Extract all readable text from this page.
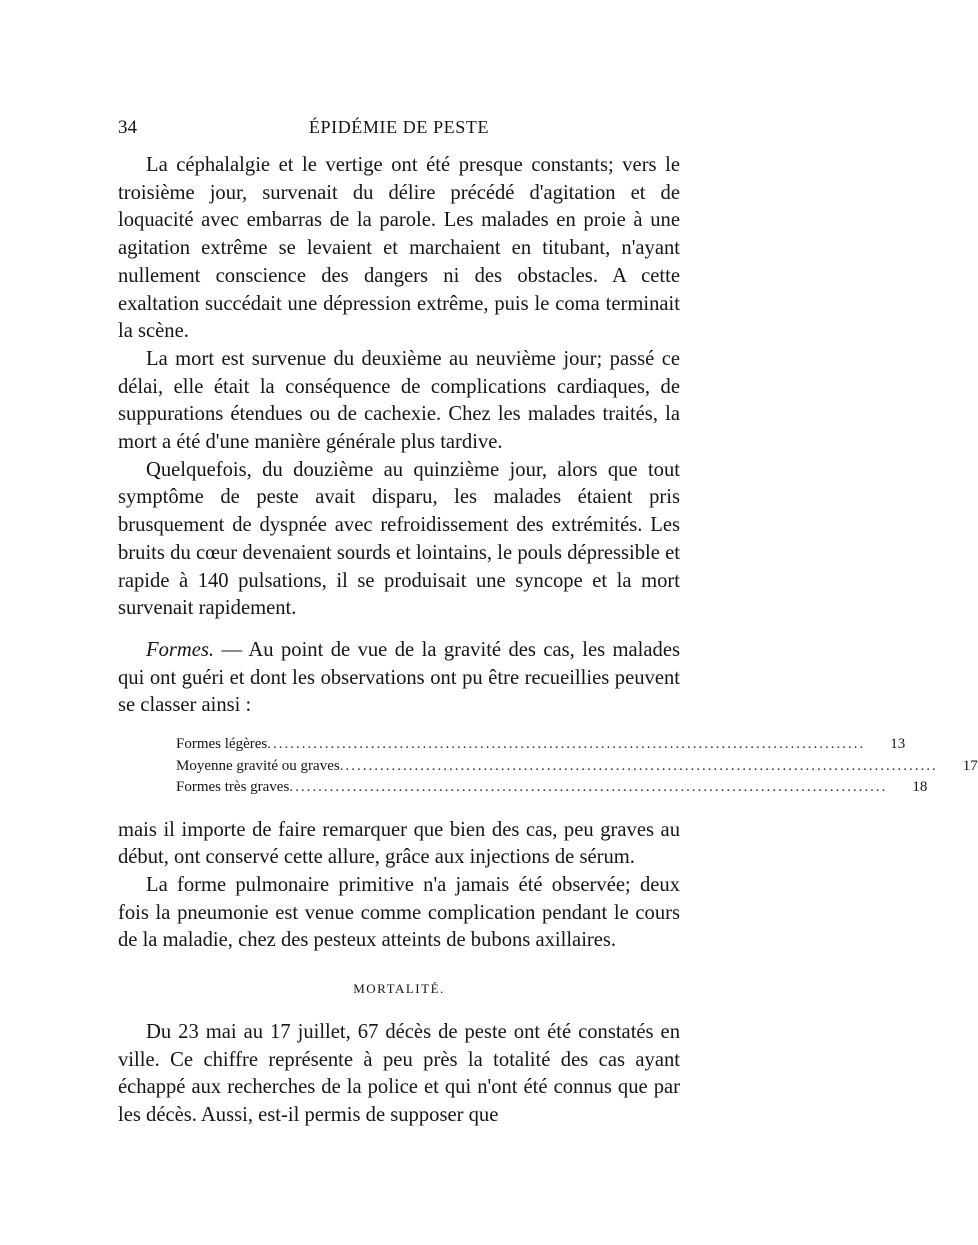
34	ÉPIDÉMIE DE PESTE

La céphalalgie et le vertige ont été presque constants; vers le troisième jour, survenait du délire précédé d'agitation et de loquacité avec embarras de la parole. Les malades en proie à une agitation extrême se levaient et marchaient en titubant, n'ayant nullement conscience des dangers ni des obstacles. A cette exaltation succédait une dépression extrême, puis le coma terminait la scène.

La mort est survenue du deuxième au neuvième jour; passé ce délai, elle était la conséquence de complications cardiaques, de suppurations étendues ou de cachexie. Chez les malades traités, la mort a été d'une manière générale plus tardive.

Quelquefois, du douzième au quinzième jour, alors que tout symptôme de peste avait disparu, les malades étaient pris brusquement de dyspnée avec refroidissement des extrémités. Les bruits du cœur devenaient sourds et lointains, le pouls dépressible et rapide à 140 pulsations, il se produisait une syncope et la mort survenait rapidement.

Formes. — Au point de vue de la gravité des cas, les malades qui ont guéri et dont les observations ont pu être recueillies peuvent se classer ainsi :

Formes légères ........................................................................................................	13
Moyenne gravité ou graves ........................................................................................................	17
Formes très graves ........................................................................................................	18

mais il importe de faire remarquer que bien des cas, peu graves au début, ont conservé cette allure, grâce aux injections de sérum.

La forme pulmonaire primitive n'a jamais été observée; deux fois la pneumonie est venue comme complication pendant le cours de la maladie, chez des pesteux atteints de bubons axillaires.

MORTALITÉ.

Du 23 mai au 17 juillet, 67 décès de peste ont été constatés en ville. Ce chiffre représente à peu près la totalité des cas ayant échappé aux recherches de la police et qui n'ont été connus que par les décès. Aussi, est-il permis de supposer que
